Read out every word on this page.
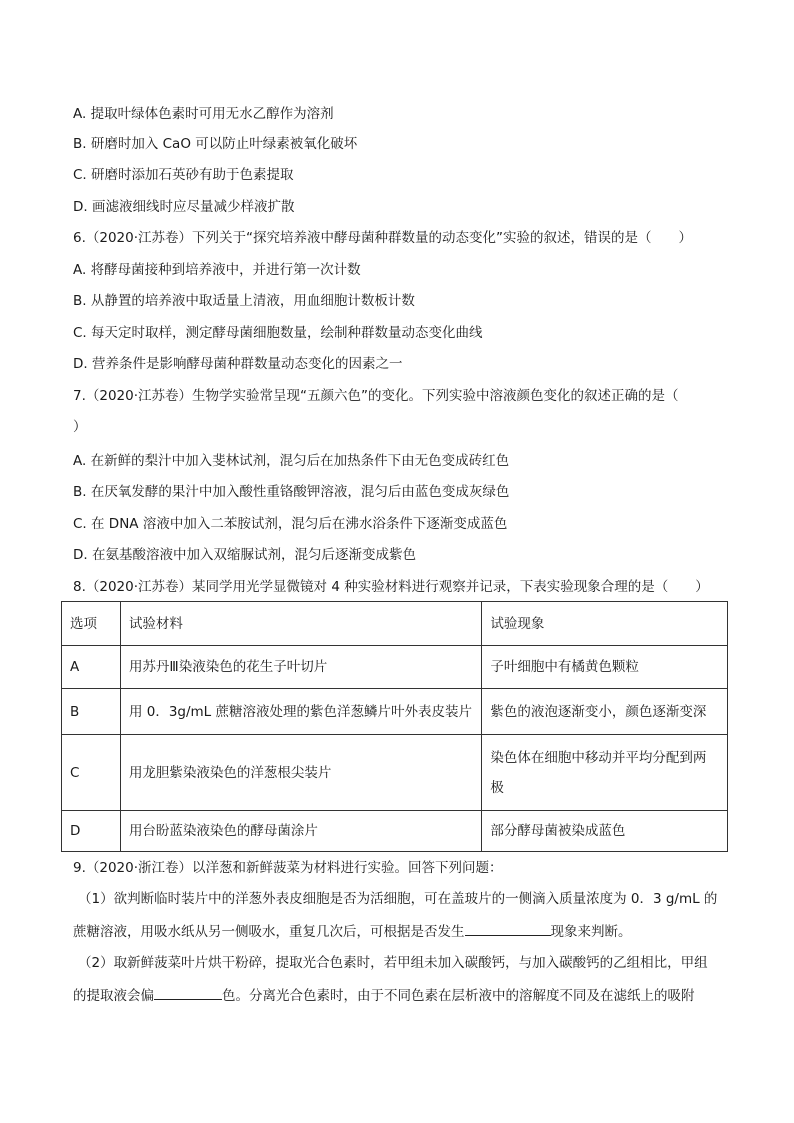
A. 提取叶绿体色素时可用无水乙醇作为溶剂
B. 研磨时加入 CaO 可以防止叶绿素被氧化破坏
C. 研磨时添加石英砂有助于色素提取
D. 画滤液细线时应尽量减少样液扩散
6.（2020·江苏卷）下列关于“探究培养液中酵母菌种群数量的动态变化”实验的叙述，错误的是（　　）
A. 将酵母菌接种到培养液中，并进行第一次计数
B. 从静置的培养液中取适量上清液，用血细胞计数板计数
C. 每天定时取样，测定酵母菌细胞数量，绘制种群数量动态变化曲线
D. 营养条件是影响酵母菌种群数量动态变化的因素之一
7.（2020·江苏卷）生物学实验常呈现“五颜六色”的变化。下列实验中溶液颜色变化的叙述正确的是（
）
A. 在新鲜的梨汁中加入斐林试剂，混匀后在加热条件下由无色变成砖红色
B. 在厌氧发酵的果汁中加入酸性重铬酸钾溶液，混匀后由蓝色变成灰绿色
C. 在 DNA 溶液中加入二苯胺试剂，混匀后在沸水浴条件下逐渐变成蓝色
D. 在氨基酸溶液中加入双缩脲试剂，混匀后逐渐变成紫色
8.（2020·江苏卷）某同学用光学显微镜对 4 种实验材料进行观察并记录，下表实验现象合理的是（　　）
选项	试验材料	试验现象
A	用苏丹Ⅲ染液染色的花生子叶切片	子叶细胞中有橘黄色颗粒
B	用 0．3g/mL 蔗糖溶液处理的紫色洋葱鳞片叶外表皮装片	紫色的液泡逐渐变小，颜色逐渐变深
C	用龙胆紫染液染色的洋葱根尖装片	染色体在细胞中移动并平均分配到两极
D	用台盼蓝染液染色的酵母菌涂片	部分酵母菌被染成蓝色
9.（2020·浙江卷）以洋葱和新鲜菠菜为材料进行实验。回答下列问题：
（1）欲判断临时装片中的洋葱外表皮细胞是否为活细胞，可在盖玻片的一侧滴入质量浓度为 0．3 g/mL 的
蔗糖溶液，用吸水纸从另一侧吸水，重复几次后，可根据是否发生	现象来判断。
（2）取新鲜菠菜叶片烘干粉碎，提取光合色素时，若甲组未加入碳酸钙，与加入碳酸钙的乙组相比，甲组
的提取液会偏	色。分离光合色素时，由于不同色素在层析液中的溶解度不同及在滤纸上的吸附
